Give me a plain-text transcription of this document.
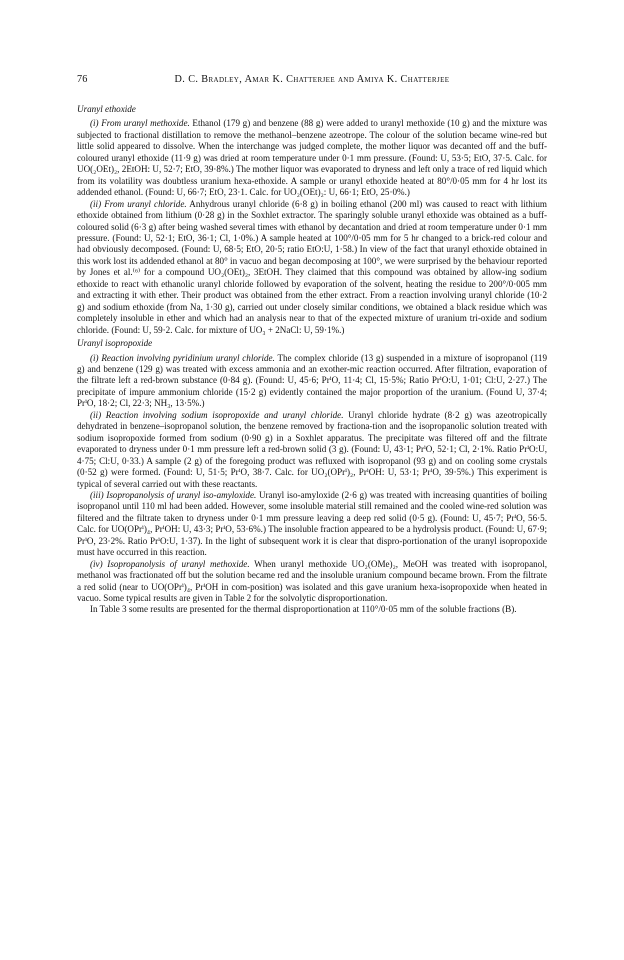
76	D. C. Bradley, Amar K. Chatterjee and Amiya K. Chatterjee
Uranyl ethoxide

(i) From uranyl methoxide. Ethanol (179 g) and benzene (88 g) were added to uranyl methoxide (10 g) and the mixture was subjected to fractional distillation to remove the methanol–benzene azeotrope. The colour of the solution became wine-red but little solid appeared to dissolve. When the interchange was judged complete, the mother liquor was decanted off and the buff-coloured uranyl ethoxide (11·9 g) was dried at room temperature under 0·1 mm pressure. (Found: U, 53·5; EtO, 37·5. Calc. for UO(₂OEt)₂, 2EtOH: U, 52·7; EtO, 39·8%.) The mother liquor was evaporated to dryness and left only a trace of red liquid which from its volatility was doubtless uranium hexa-ethoxide. A sample or uranyl ethoxide heated at 80°/0·05 mm for 4 hr lost its addended ethanol. (Found: U, 66·7; EtO, 23·1. Calc. for UO₂(OEt)₂: U, 66·1; EtO, 25·0%.)

(ii) From uranyl chloride. Anhydrous uranyl chloride (6·8 g) in boiling ethanol (200 ml) was caused to react with lithium ethoxide obtained from lithium (0·28 g) in the Soxhlet extractor. The sparingly soluble uranyl ethoxide was obtained as a buff-coloured solid (6·3 g) after being washed several times with ethanol by decantation and dried at room temperature under 0·1 mm pressure. (Found: U, 52·1; EtO, 36·1; Cl, 1·0%.) A sample heated at 100°/0·05 mm for 5 hr changed to a brick-red colour and had obviously decomposed. (Found: U, 68·5; EtO, 20·5; ratio EtO:U, 1·58.) In view of the fact that uranyl ethoxide obtained in this work lost its addended ethanol at 80° in vacuo and began decomposing at 100°, we were surprised by the behaviour reported by Jones et al.⁽⁶⁾ for a compound UO₂(OEt)₂, 3EtOH. They claimed that this compound was obtained by allow-ing sodium ethoxide to react with ethanolic uranyl chloride followed by evaporation of the solvent, heating the residue to 200°/0·005 mm and extracting it with ether. Their product was obtained from the ether extract. From a reaction involving uranyl chloride (10·2 g) and sodium ethoxide (from Na, 1·30 g), carried out under closely similar conditions, we obtained a black residue which was completely insoluble in ether and which had an analysis near to that of the expected mixture of uranium tri-oxide and sodium chloride. (Found: U, 59·2. Calc. for mixture of UO₃ + 2NaCl: U, 59·1%.)

Uranyl isopropoxide

(i) Reaction involving pyridinium uranyl chloride. The complex chloride (13 g) suspended in a mixture of isopropanol (119 g) and benzene (129 g) was treated with excess ammonia and an exother-mic reaction occurred. After filtration, evaporation of the filtrate left a red-brown substance (0·84 g). (Found: U, 45·6; PrⁱO, 11·4; Cl, 15·5%; Ratio PrⁱO:U, 1·01; Cl:U, 2·27.) The precipitate of impure ammonium chloride (15·2 g) evidently contained the major proportion of the uranium. (Found U, 37·4; PrⁱO, 18·2; Cl, 22·3; NH₃, 13·5%.)

(ii) Reaction involving sodium isopropoxide and uranyl chloride. Uranyl chloride hydrate (8·2 g) was azeotropically dehydrated in benzene–isopropanol solution, the benzene removed by fractiona-tion and the isopropanolic solution treated with sodium isopropoxide formed from sodium (0·90 g) in a Soxhlet apparatus. The precipitate was filtered off and the filtrate evaporated to dryness under 0·1 mm pressure left a red-brown solid (3 g). (Found: U, 43·1; PrⁱO, 52·1; Cl, 2·1%. Ratio PrⁱO:U, 4·75; Cl:U, 0·33.) A sample (2 g) of the foregoing product was refluxed with isopropanol (93 g) and on cooling some crystals (0·52 g) were formed. (Found: U, 51·5; PrⁱO, 38·7. Calc. for UO₂(OPrⁱ)₂, PrⁱOH: U, 53·1; PrⁱO, 39·5%.) This experiment is typical of several carried out with these reactants.

(iii) Isopropanolysis of uranyl iso-amyloxide. Uranyl iso-amyloxide (2·6 g) was treated with increasing quantities of boiling isopropanol until 110 ml had been added. However, some insoluble material still remained and the cooled wine-red solution was filtered and the filtrate taken to dryness under 0·1 mm pressure leaving a deep red solid (0·5 g). (Found: U, 45·7; PrⁱO, 56·5. Calc. for UO(OPrⁱ)₄, PrⁱOH: U, 43·3; PrⁱO, 53·6%.) The insoluble fraction appeared to be a hydrolysis product. (Found: U, 67·9; PrⁱO, 23·2%. Ratio PrⁱO:U, 1·37). In the light of subsequent work it is clear that dispro-portionation of the uranyl isopropoxide must have occurred in this reaction.

(iv) Isopropanolysis of uranyl methoxide. When uranyl methoxide UO₂(OMe)₂, MeOH was treated with isopropanol, methanol was fractionated off but the solution became red and the insoluble uranium compound became brown. From the filtrate a red solid (near to UO(OPrⁱ)₄, PrⁱOH in com-position) was isolated and this gave uranium hexa-isopropoxide when heated in vacuo. Some typical results are given in Table 2 for the solvolytic disproportionation.

In Table 3 some results are presented for the thermal disproportionation at 110°/0·05 mm of the soluble fractions (B).
